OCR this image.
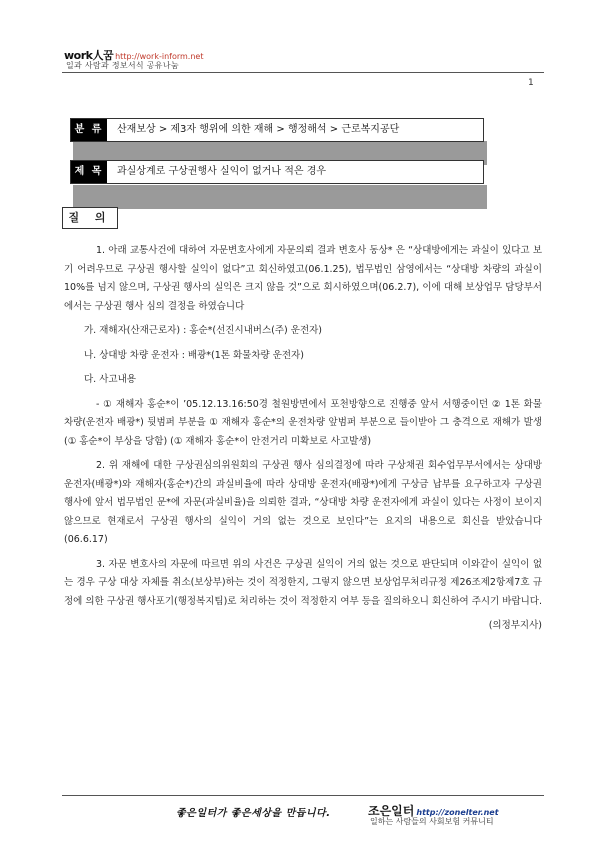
work人꿈 http://work-inform.net
일과 사람과 정보서식 공유나눔
1
분 류	산재보상 > 제3자 행위에 의한 재해 > 행정해석 > 근로복지공단
제 목	과실상계로 구상권행사 실익이 없거나 적은 경우
질 의

1. 아래 교통사건에 대하여 자문변호사에게 자문의뢰 결과 변호사 동상* 은 “상대방에게는 과실이 있다고 보기 어려우므로 구상권 행사할 실익이 없다”고 회신하였고(06.1.25), 법무법인 삼영에서는 “상대방 차량의 과실이 10%를 넘지 않으며, 구상권 행사의 실익은 크지 않을 것”으로 회시하였으며(06.2.7), 이에 대해 보상업무 담당부서에서는 구상권 행사 심의 결정을 하였습니다

가. 재해자(산재근로자) : 홍순*(선진시내버스(주) 운전자)

나. 상대방 차량 운전자 : 배광*(1톤 화물차량 운전자)

다. 사고내용

- ① 재해자 홍순*이 ’05.12.13.16:50경 철원방면에서 포천방향으로 진행중 앞서 서행중이던 ② 1톤 화물차량(운전자 배광*) 뒷범퍼 부분을 ① 재해자 홍순*의 운전차량 앞범퍼 부분으로 들이받아 그 충격으로 재해가 발생(① 홍순*이 부상을 당함) (① 재해자 홍순*이 안전거리 미확보로 사고발생)

2. 위 재해에 대한 구상권심의위원회의 구상권 행사 심의결정에 따라 구상채권 회수업무부서에서는 상대방 운전자(배광*)와 재해자(홍순*)간의 과실비율에 따라 상대방 운전자(배광*)에게 구상금 납부를 요구하고자 구상권 행사에 앞서 법무법인 문*에 자문(과실비율)을 의뢰한 결과, “상대방 차량 운전자에게 과실이 있다는 사정이 보이지 않으므로 현재로서 구상권 행사의 실익이 거의 없는 것으로 보인다”는 요지의 내용으로 회신을 받았습니다(06.6.17)

3. 자문 변호사의 자문에 따르면 위의 사건은 구상권 실익이 거의 없는 것으로 판단되며 이와같이 실익이 없는 경우 구상 대상 자체를 취소(보상부)하는 것이 적정한지, 그렇지 않으면 보상업무처리규정 제26조제2항제7호 규정에 의한 구상권 행사포기(행정복지팀)로 처리하는 것이 적정한지 여부 등을 질의하오니 회신하여 주시기 바랍니다.

(의정부지사)

좋은일터가 좋은세상을 만듭니다.	조은일터 http://zonelter.net
일하는 사람들의 사회보험 커뮤니티
